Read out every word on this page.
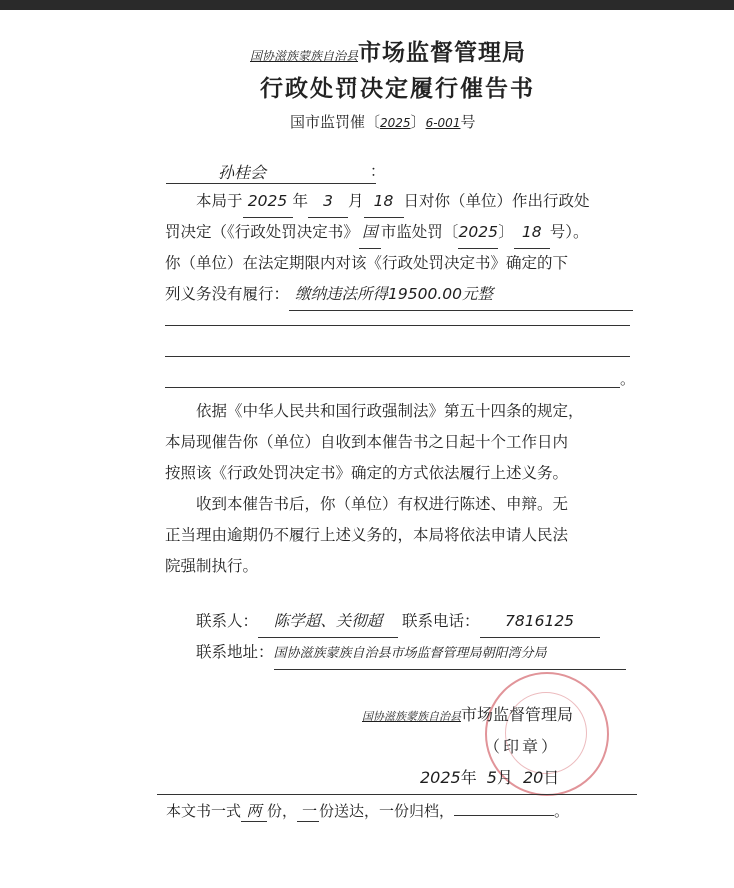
国协滋族蒙族自治县市场监督管理局
行政处罚决定履行催告书
国市监罚催〔2025〕6-001号
孙桂会	：
本局于 2025 年 3 月 18 日对你（单位）作出行政处
罚决定（《行政处罚决定书》 国 市监处罚〔2025〕 18 号）。
你（单位）在法定期限内对该《行政处罚决定书》确定的下
列义务没有履行： 缴纳违法所得19500.00元整
。
依据《中华人民共和国行政强制法》第五十四条的规定，
本局现催告你（单位）自收到本催告书之日起十个工作日内
按照该《行政处罚决定书》确定的方式依法履行上述义务。
收到本催告书后，你（单位）有权进行陈述、申辩。无
正当理由逾期仍不履行上述义务的，本局将依法申请人民法
院强制执行。
联系人： 陈学超、关彻超 联系电话： 7816125
联系地址：国协滋族蒙族自治县市场监督管理局朝阳湾分局
国协滋族蒙族自治县市场监督管理局
（印章）
2025年 5月 20日
本文书一式 两 份， 一 份送达，一份归档，	。
